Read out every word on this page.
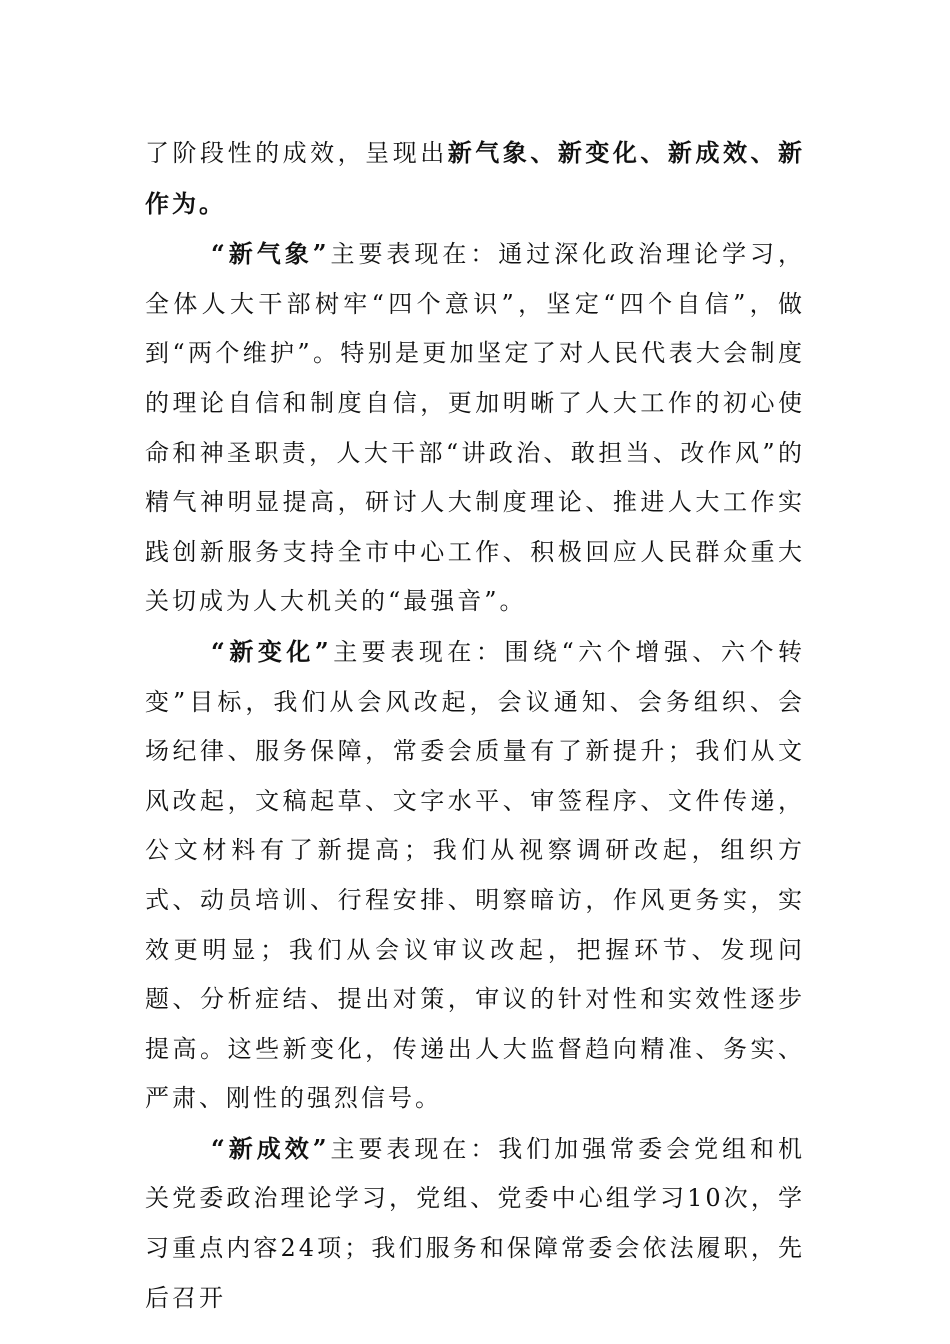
了阶段性的成效，呈现出新气象、新变化、新成效、新作为。

“新气象”主要表现在：通过深化政治理论学习，全体人大干部树牢“四个意识”，坚定“四个自信”，做到“两个维护”。特别是更加坚定了对人民代表大会制度的理论自信和制度自信，更加明晰了人大工作的初心使命和神圣职责，人大干部“讲政治、敢担当、改作风”的精气神明显提高，研讨人大制度理论、推进人大工作实践创新服务支持全市中心工作、积极回应人民群众重大关切成为人大机关的“最强音”。

“新变化”主要表现在：围绕“六个增强、六个转变”目标，我们从会风改起，会议通知、会务组织、会场纪律、服务保障，常委会质量有了新提升；我们从文风改起，文稿起草、文字水平、审签程序、文件传递，公文材料有了新提高；我们从视察调研改起，组织方式、动员培训、行程安排、明察暗访，作风更务实，实效更明显；我们从会议审议改起，把握环节、发现问题、分析症结、提出对策，审议的针对性和实效性逐步提高。这些新变化，传递出人大监督趋向精准、务实、严肃、刚性的强烈信号。

“新成效”主要表现在：我们加强常委会党组和机关党委政治理论学习，党组、党委中心组学习10次，学习重点内容24项；我们服务和保障常委会依法履职，先后召开
